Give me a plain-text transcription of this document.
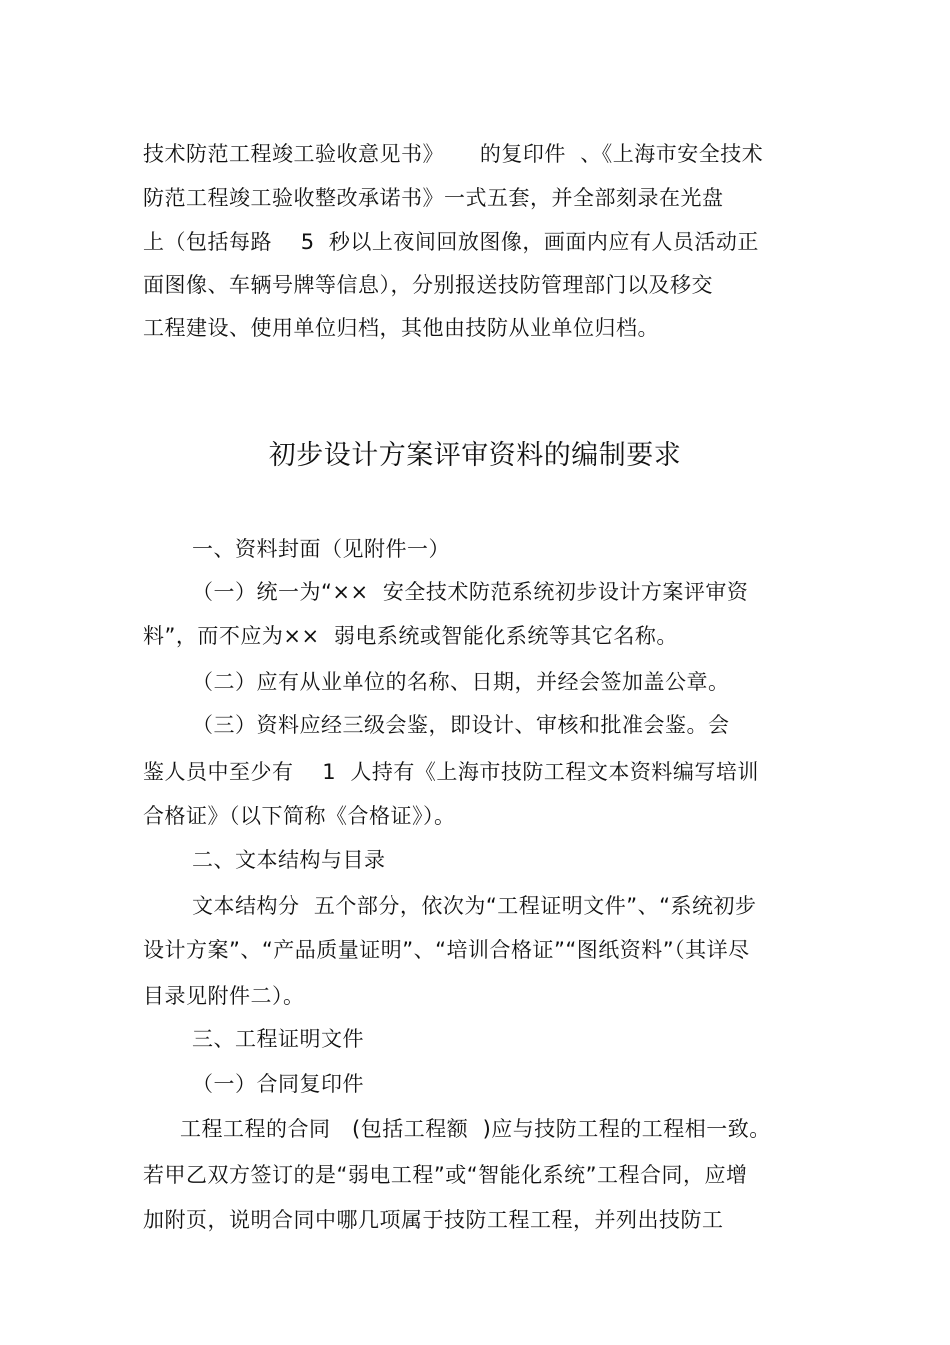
技术防范工程竣工验收意见书》     的复印件  、《上海市安全技术
防范工程竣工验收整改承诺书》一式五套，并全部刻录在光盘
上（包括每路    5  秒以上夜间回放图像，画面内应有人员活动正
面图像、车辆号牌等信息），分别报送技防管理部门以及移交
工程建设、使用单位归档，其他由技防从业单位归档。
初步设计方案评审资料的编制要求
一、资料封面（见附件一）
（一）统一为“××  安全技术防范系统初步设计方案评审资
料”，而不应为××  弱电系统或智能化系统等其它名称。
（二）应有从业单位的名称、日期，并经会签加盖公章。
（三）资料应经三级会鉴，即设计、审核和批准会鉴。会
鉴人员中至少有    1  人持有《上海市技防工程文本资料编写培训
合格证》（以下简称《合格证》）。
二、文本结构与目录
文本结构分  五个部分，依次为“工程证明文件”、“系统初步
设计方案”、“产品质量证明”、“培训合格证”“图纸资料”（其详尽
目录见附件二）。
三、工程证明文件
（一）合同复印件
工程工程的合同   (包括工程额  )应与技防工程的工程相一致。
若甲乙双方签订的是“弱电工程”或“智能化系统”工程合同，应增
加附页，说明合同中哪几项属于技防工程工程，并列出技防工
